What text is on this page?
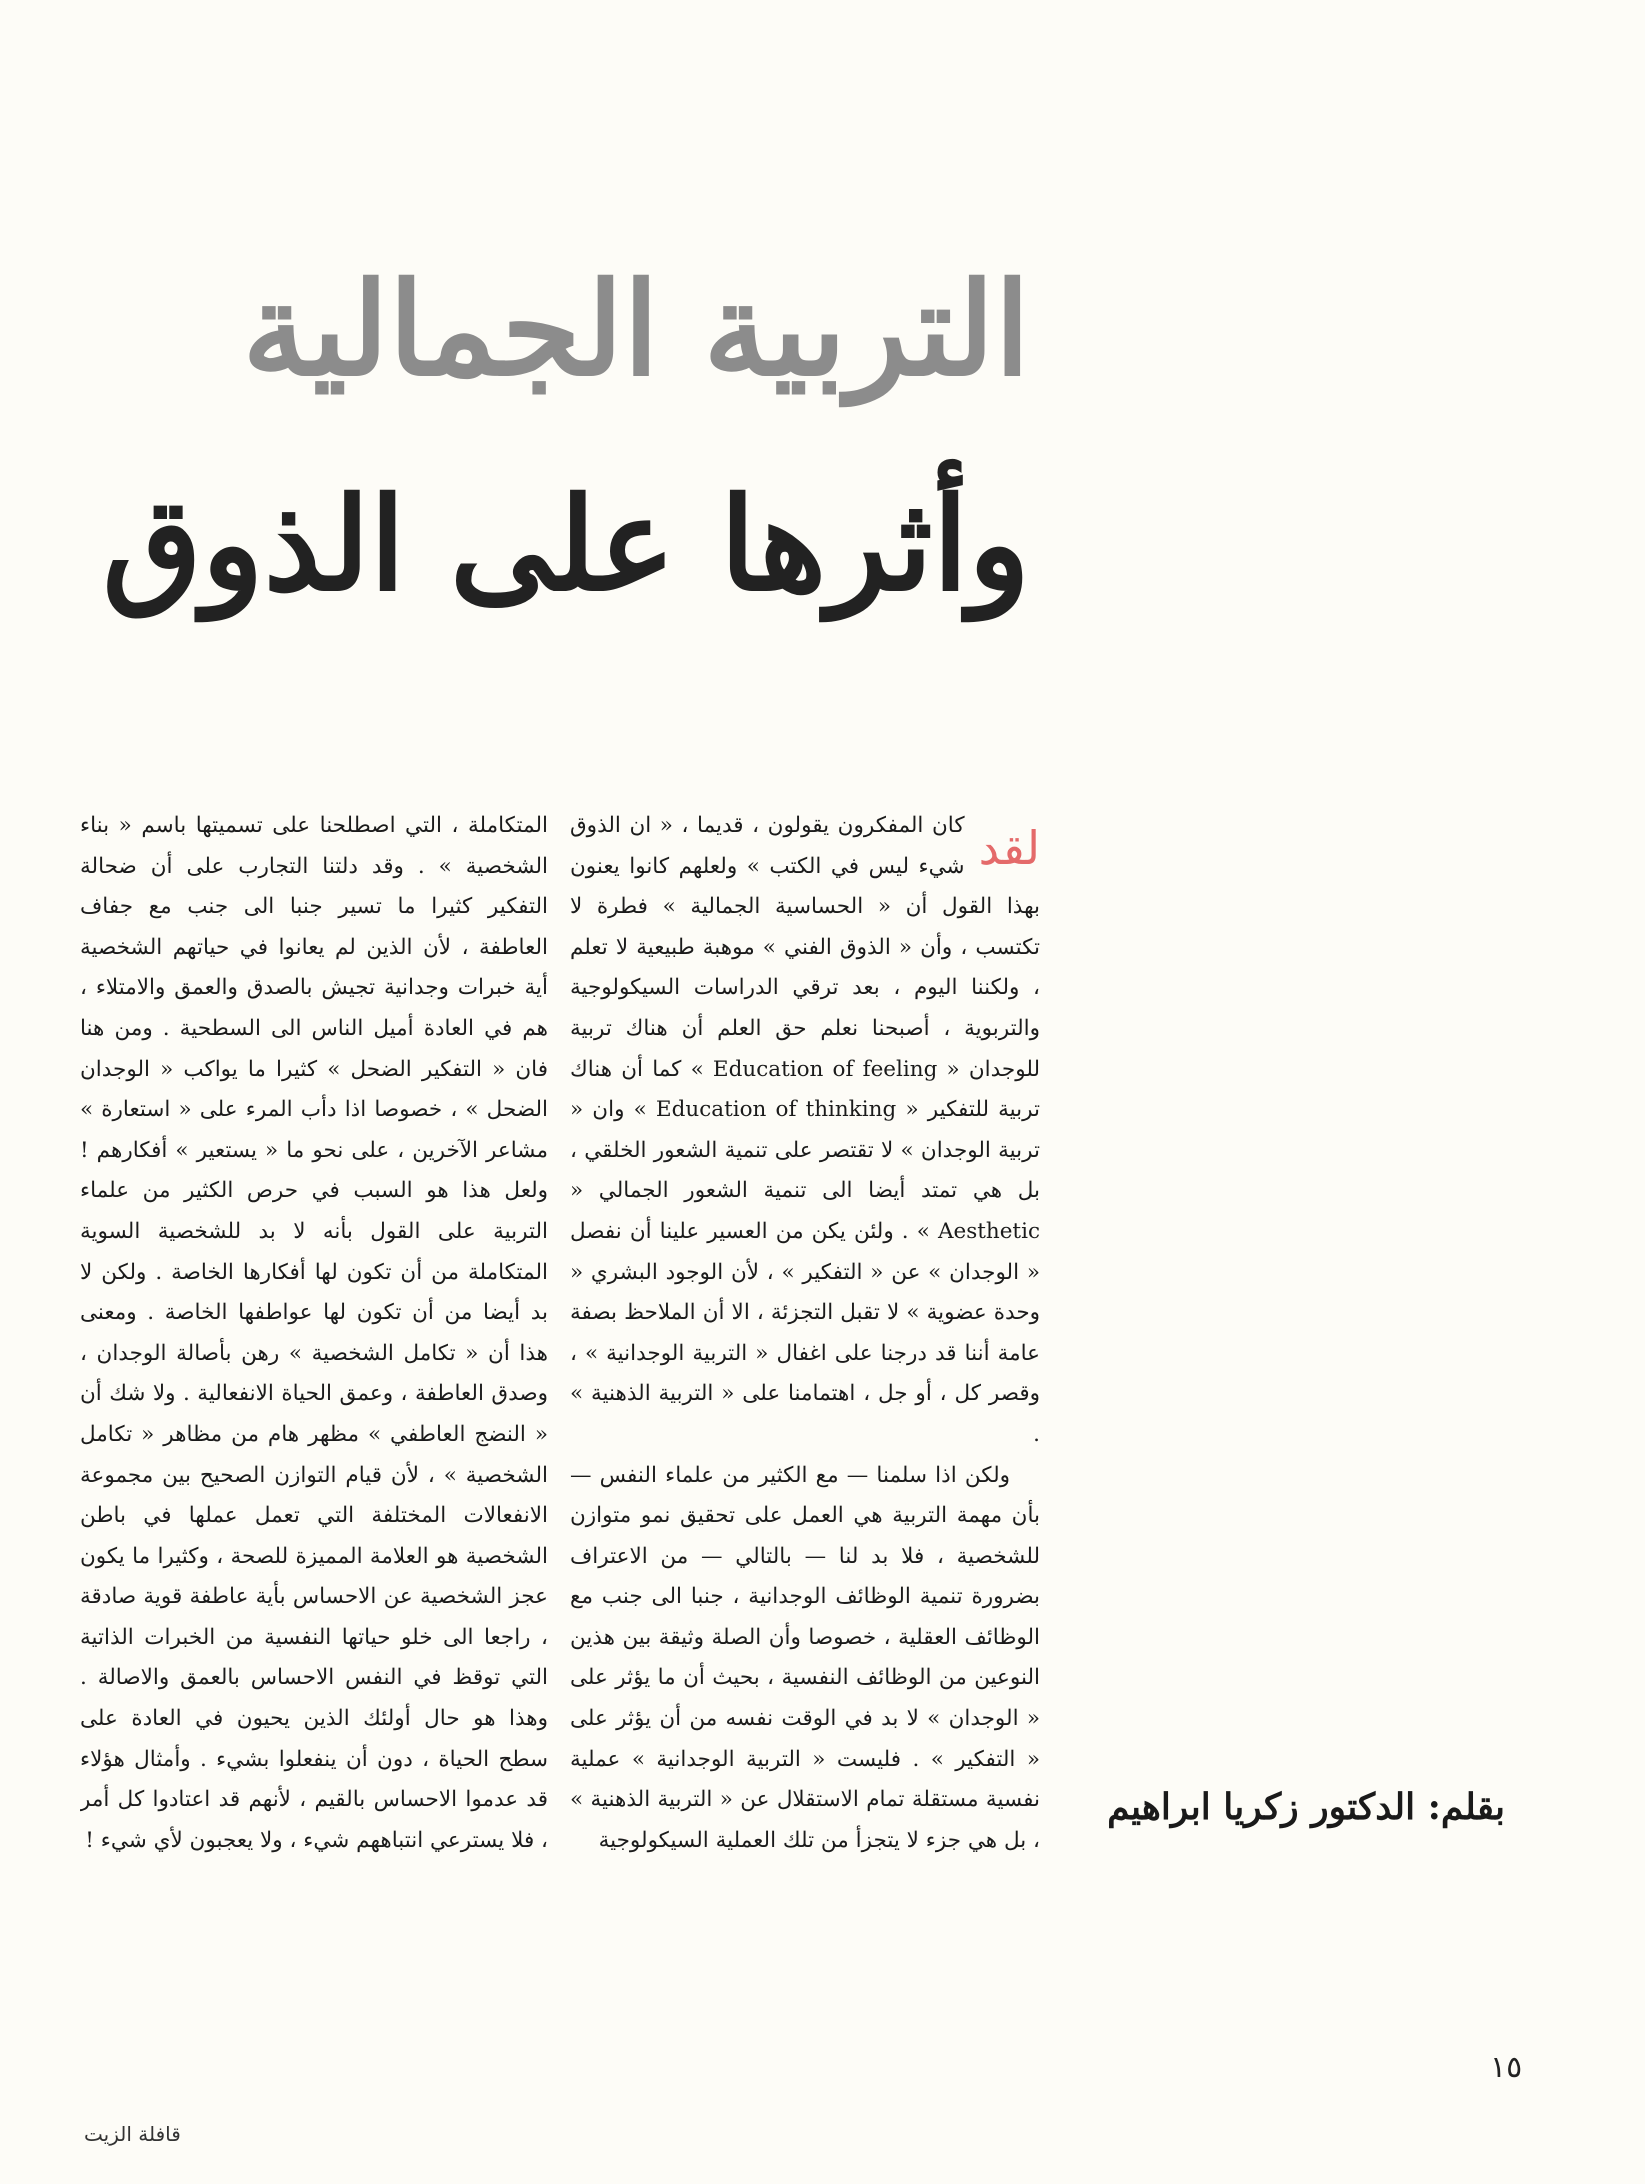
التربية الجمالية
وأثرها على الذوق

لقد
كان المفكرون يقولون ، قديما ، « ان الذوق شيء ليس في الكتب » ولعلهم كانوا يعنون بهذا القول أن « الحساسية الجمالية » فطرة لا تكتسب ، وأن « الذوق الفني » موهبة طبيعية لا تعلم ، ولكننا اليوم ، بعد ترقي الدراسات السيكولوجية والتربوية ، أصبحنا نعلم حق العلم أن هناك تربية للوجدان « Education of feeling » كما أن هناك تربية للتفكير « Education of thinking » وان « تربية الوجدان » لا تقتصر على تنمية الشعور الخلقي ، بل هي تمتد أيضا الى تنمية الشعور الجمالي « Aesthetic » . ولئن يكن من العسير علينا أن نفصل « الوجدان » عن « التفكير » ، لأن الوجود البشري « وحدة عضوية » لا تقبل التجزئة ، الا أن الملاحظ بصفة عامة أننا قد درجنا على اغفال « التربية الوجدانية » ، وقصر كل ، أو جل ، اهتمامنا على « التربية الذهنية » .

ولكن اذا سلمنا — مع الكثير من علماء النفس — بأن مهمة التربية هي العمل على تحقيق نمو متوازن للشخصية ، فلا بد لنا — بالتالي — من الاعتراف بضرورة تنمية الوظائف الوجدانية ، جنبا الى جنب مع الوظائف العقلية ، خصوصا وأن الصلة وثيقة بين هذين النوعين من الوظائف النفسية ، بحيث أن ما يؤثر على « الوجدان » لا بد في الوقت نفسه من أن يؤثر على « التفكير » . فليست « التربية الوجدانية » عملية نفسية مستقلة تمام الاستقلال عن « التربية الذهنية » ، بل هي جزء لا يتجزأ من تلك العملية السيكولوجية

المتكاملة ، التي اصطلحنا على تسميتها باسم « بناء الشخصية » . وقد دلتنا التجارب على أن ضحالة التفكير كثيرا ما تسير جنبا الى جنب مع جفاف العاطفة ، لأن الذين لم يعانوا في حياتهم الشخصية أية خبرات وجدانية تجيش بالصدق والعمق والامتلاء ، هم في العادة أميل الناس الى السطحية . ومن هنا فان « التفكير الضحل » كثيرا ما يواكب « الوجدان الضحل » ، خصوصا اذا دأب المرء على « استعارة » مشاعر الآخرين ، على نحو ما « يستعير » أفكارهم ! ولعل هذا هو السبب في حرص الكثير من علماء التربية على القول بأنه لا بد للشخصية السوية المتكاملة من أن تكون لها أفكارها الخاصة . ولكن لا بد أيضا من أن تكون لها عواطفها الخاصة . ومعنى هذا أن « تكامل الشخصية » رهن بأصالة الوجدان ، وصدق العاطفة ، وعمق الحياة الانفعالية . ولا شك أن « النضج العاطفي » مظهر هام من مظاهر « تكامل الشخصية » ، لأن قيام التوازن الصحيح بين مجموعة الانفعالات المختلفة التي تعمل عملها في باطن الشخصية هو العلامة المميزة للصحة ، وكثيرا ما يكون عجز الشخصية عن الاحساس بأية عاطفة قوية صادقة ، راجعا الى خلو حياتها النفسية من الخبرات الذاتية التي توقظ في النفس الاحساس بالعمق والاصالة . وهذا هو حال أولئك الذين يحيون في العادة على سطح الحياة ، دون أن ينفعلوا بشيء . وأمثال هؤلاء قد عدموا الاحساس بالقيم ، لأنهم قد اعتادوا كل أمر ، فلا يسترعي انتباههم شيء ، ولا يعجبون لأي شيء !

بقلم: الدكتور زكريا ابراهيم
١٥
قافلة الزيت
